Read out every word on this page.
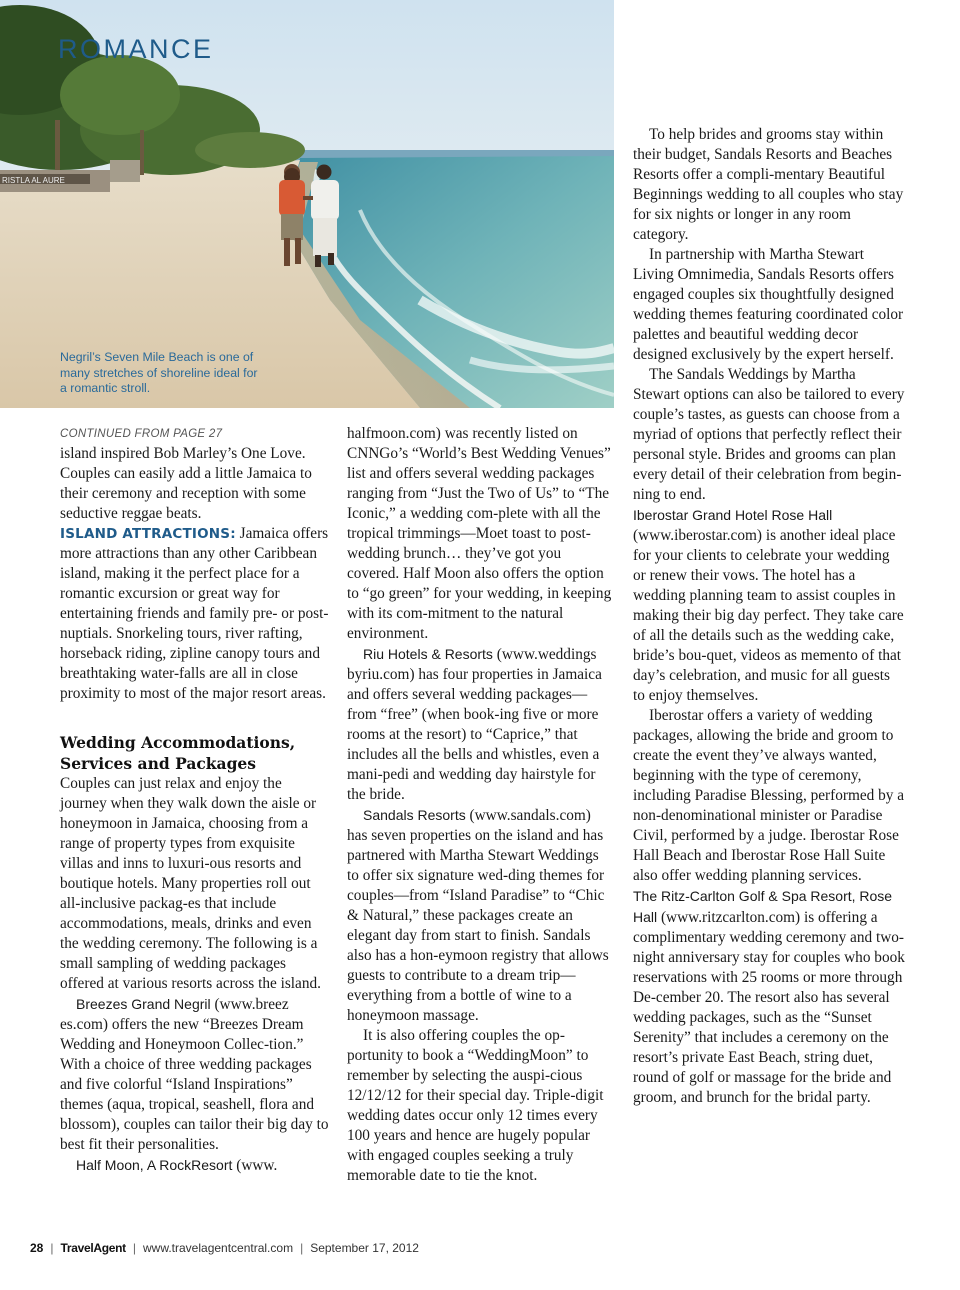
RISTLA AL AURE
ROMANCE

Negril’s Seven Mile Beach is one of many stretches of shoreline ideal for a romantic stroll.

CONTINUED FROM PAGE 27

island inspired Bob Marley’s One Love. Couples can easily add a little Jamaica to their ceremony and reception with some seductive reggae beats.

ISLAND ATTRACTIONS: Jamaica offers more attractions than any other Caribbean island, making it the perfect place for a romantic excursion or great way for entertaining friends and family pre- or post-nuptials. Snorkeling tours, river rafting, horseback riding, zipline canopy tours and breathtaking water-falls are all in close proximity to most of the major resort areas.

Wedding Accommodations, Services and Packages

Couples can just relax and enjoy the journey when they walk down the aisle or honeymoon in Jamaica, choosing from a range of property types from exquisite villas and inns to luxuri-ous resorts and boutique hotels. Many properties roll out all-inclusive packag-es that include accommodations, meals, drinks and even the wedding ceremony. The following is a small sampling of wedding packages offered at various resorts across the island.

Breezes Grand Negril (www.breez es.com) offers the new “Breezes Dream Wedding and Honeymoon Collec-tion.” With a choice of three wedding packages and five colorful “Island Inspirations” themes (aqua, tropical, seashell, flora and blossom), couples can tailor their big day to best fit their personalities.

Half Moon, A RockResort (www.

halfmoon.com) was recently listed on CNNGo’s “World’s Best Wedding Venues” list and offers several wedding packages ranging from “Just the Two of Us” to “The Iconic,” a wedding com-plete with all the tropical trimmings—Moet toast to post-wedding brunch… they’ve got you covered. Half Moon also offers the option to “go green” for your wedding, in keeping with its com-mitment to the natural environment.

Riu Hotels & Resorts (www.weddings byriu.com) has four properties in Jamaica and offers several wedding packages—from “free” (when book-ing five or more rooms at the resort) to “Caprice,” that includes all the bells and whistles, even a mani-pedi and wedding day hairstyle for the bride.

Sandals Resorts (www.sandals.com) has seven properties on the island and has partnered with Martha Stewart Weddings to offer six signature wed-ding themes for couples—from “Island Paradise” to “Chic & Natural,” these packages create an elegant day from start to finish. Sandals also has a hon-eymoon registry that allows guests to contribute to a dream trip—everything from a bottle of wine to a honeymoon massage.

It is also offering couples the op-portunity to book a “WeddingMoon” to remember by selecting the auspi-cious 12/12/12 for their special day. Triple-digit wedding dates occur only 12 times every 100 years and hence are hugely popular with engaged couples seeking a truly memorable date to tie the knot.

To help brides and grooms stay within their budget, Sandals Resorts and Beaches Resorts offer a compli-mentary Beautiful Beginnings wedding to all couples who stay for six nights or longer in any room category.

In partnership with Martha Stewart Living Omnimedia, Sandals Resorts offers engaged couples six thoughtfully designed wedding themes featuring coordinated color palettes and beautiful wedding decor designed exclusively by the expert herself.

The Sandals Weddings by Martha Stewart options can also be tailored to every couple’s tastes, as guests can choose from a myriad of options that perfectly reflect their personal style. Brides and grooms can plan every detail of their celebration from begin-ning to end.

Iberostar Grand Hotel Rose Hall (www.iberostar.com) is another ideal place for your clients to celebrate your wedding or renew their vows. The hotel has a wedding planning team to assist couples in making their big day perfect. They take care of all the details such as the wedding cake, bride’s bou-quet, videos as memento of that day’s celebration, and music for all guests to enjoy themselves.

Iberostar offers a variety of wedding packages, allowing the bride and groom to create the event they’ve always wanted, beginning with the type of ceremony, including Paradise Blessing, performed by a non-denominational minister or Paradise Civil, performed by a judge. Iberostar Rose Hall Beach and Iberostar Rose Hall Suite also offer wedding planning services.

The Ritz-Carlton Golf & Spa Resort, Rose Hall (www.ritzcarlton.com) is offering a complimentary wedding ceremony and two-night anniversary stay for couples who book reservations with 25 rooms or more through De-cember 20. The resort also has several wedding packages, such as the “Sunset Serenity” that includes a ceremony on the resort’s private East Beach, string duet, round of golf or massage for the bride and groom, and brunch for the bridal party.

28 | TravelAgent | www.travelagentcentral.com | September 17, 2012
